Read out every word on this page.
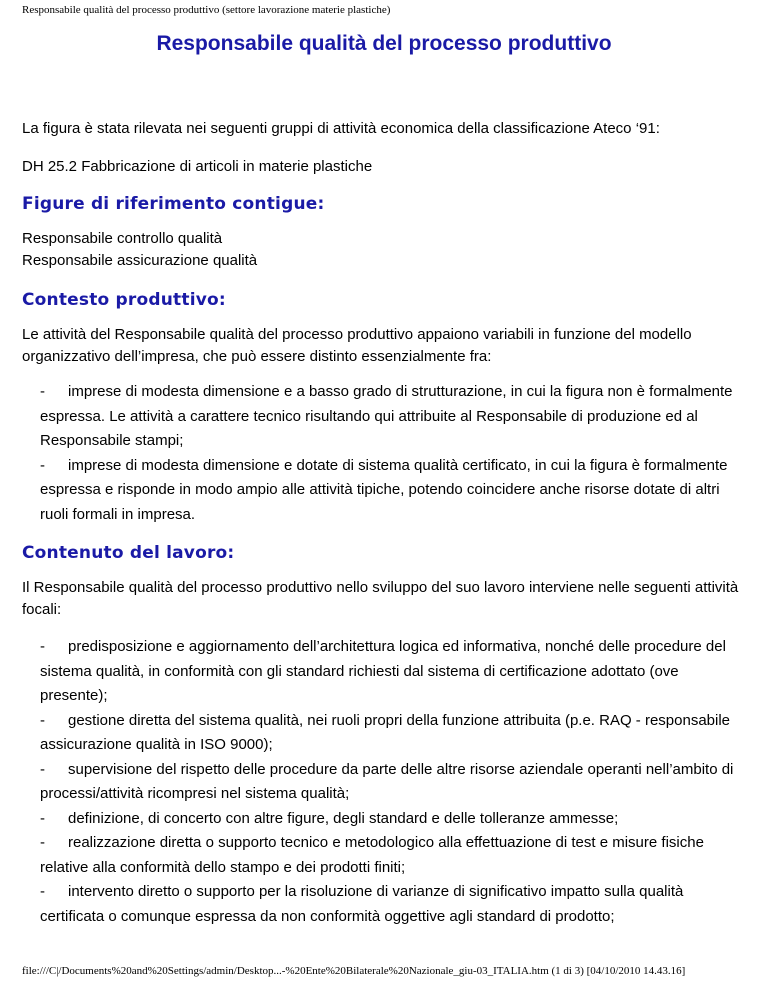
Responsabile qualità del processo produttivo (settore lavorazione materie plastiche)
Responsabile qualità del processo produttivo

La figura è stata rilevata nei seguenti gruppi di attività economica della classificazione Ateco ‘91:

DH 25.2 Fabbricazione di articoli in materie plastiche

Figure di riferimento contigue:

Responsabile controllo qualità

Responsabile assicurazione qualità

Contesto produttivo:

Le attività del Responsabile qualità del processo produttivo appaiono variabili in funzione del modello organizzativo dell’impresa, che può essere distinto essenzialmente fra:

- imprese di modesta dimensione e a basso grado di strutturazione, in cui la figura non è formalmente espressa. Le attività a carattere tecnico risultando qui attribuite al Responsabile di produzione ed al Responsabile stampi;
- imprese di modesta dimensione e dotate di sistema qualità certificato, in cui la figura è formalmente espressa e risponde in modo ampio alle attività tipiche, potendo coincidere anche risorse dotate di altri ruoli formali in impresa.
Contenuto del lavoro:

Il Responsabile qualità del processo produttivo nello sviluppo del suo lavoro interviene nelle seguenti attività focali:

- predisposizione e aggiornamento dell’architettura logica ed informativa, nonché delle procedure del sistema qualità, in conformità con gli standard richiesti dal sistema di certificazione adottato (ove presente);
- gestione diretta del sistema qualità, nei ruoli propri della funzione attribuita (p.e. RAQ - responsabile assicurazione qualità in ISO 9000);
- supervisione del rispetto delle procedure da parte delle altre risorse aziendale operanti nell’ambito di processi/attività ricompresi nel sistema qualità;
- definizione, di concerto con altre figure, degli standard e delle tolleranze ammesse;
- realizzazione diretta o supporto tecnico e metodologico alla effettuazione di test e misure fisiche relative alla conformità dello stampo e dei prodotti finiti;
- intervento diretto o supporto per la risoluzione di varianze di significativo impatto sulla qualità certificata o comunque espressa da non conformità oggettive agli standard di prodotto;
file:///C|/Documents%20and%20Settings/admin/Desktop...-%20Ente%20Bilaterale%20Nazionale_giu-03_ITALIA.htm (1 di 3) [04/10/2010 14.43.16]
